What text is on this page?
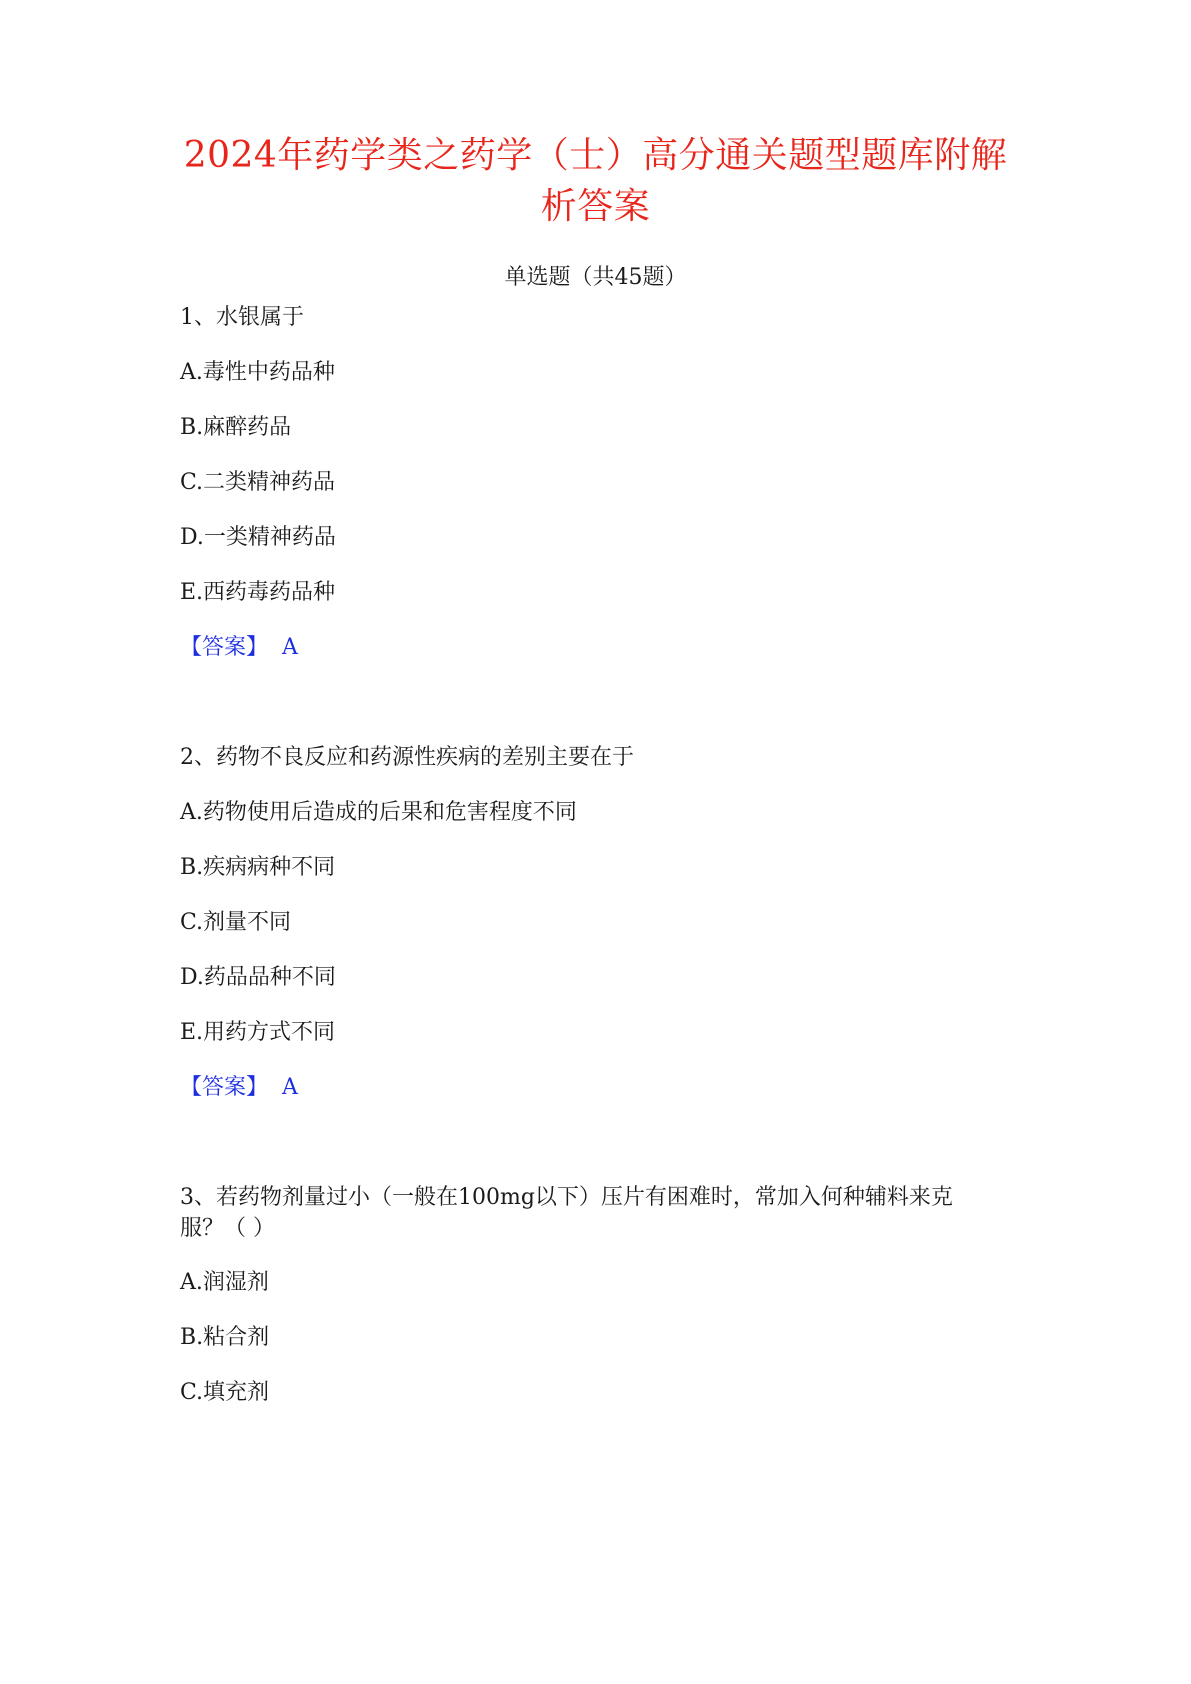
2024年药学类之药学（士）高分通关题型题库附解
析答案
单选题（共45题）
1、水银属于
A.毒性中药品种
B.麻醉药品
C.二类精神药品
D.一类精神药品
E.西药毒药品种
【答案】 A
2、药物不良反应和药源性疾病的差别主要在于
A.药物使用后造成的后果和危害程度不同
B.疾病病种不同
C.剂量不同
D.药品品种不同
E.用药方式不同
【答案】 A
3、若药物剂量过小（一般在100mg以下）压片有困难时，常加入何种辅料来克
服？（ ）
A.润湿剂
B.粘合剂
C.填充剂
